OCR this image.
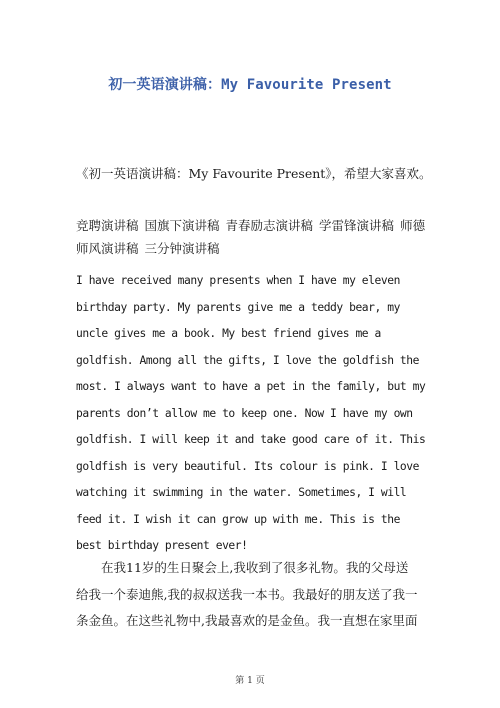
初一英语演讲稿：My Favourite Present
《初一英语演讲稿：My Favourite Present》，希望大家喜欢。
竞聘演讲稿 国旗下演讲稿 青春励志演讲稿 学雷锋演讲稿 师德师风演讲稿 三分钟演讲稿
I have received many presents when I have my eleven
birthday party. My parents give me a teddy bear, my
uncle gives me a book. My best friend gives me a
goldfish. Among all the gifts, I love the goldfish the
most. I always want to have a pet in the family, but my
parents don’t allow me to keep one. Now I have my own
goldfish. I will keep it and take good care of it. This
goldfish is very beautiful. Its colour is pink. I love
watching it swimming in the water. Sometimes, I will
feed it. I wish it can grow up with me. This is the
best birthday present ever!
在我11岁的生日聚会上,我收到了很多礼物。我的父母送
给我一个泰迪熊,我的叔叔送我一本书。我最好的朋友送了我一
条金鱼。在这些礼物中,我最喜欢的是金鱼。我一直想在家里面
第 1 页
